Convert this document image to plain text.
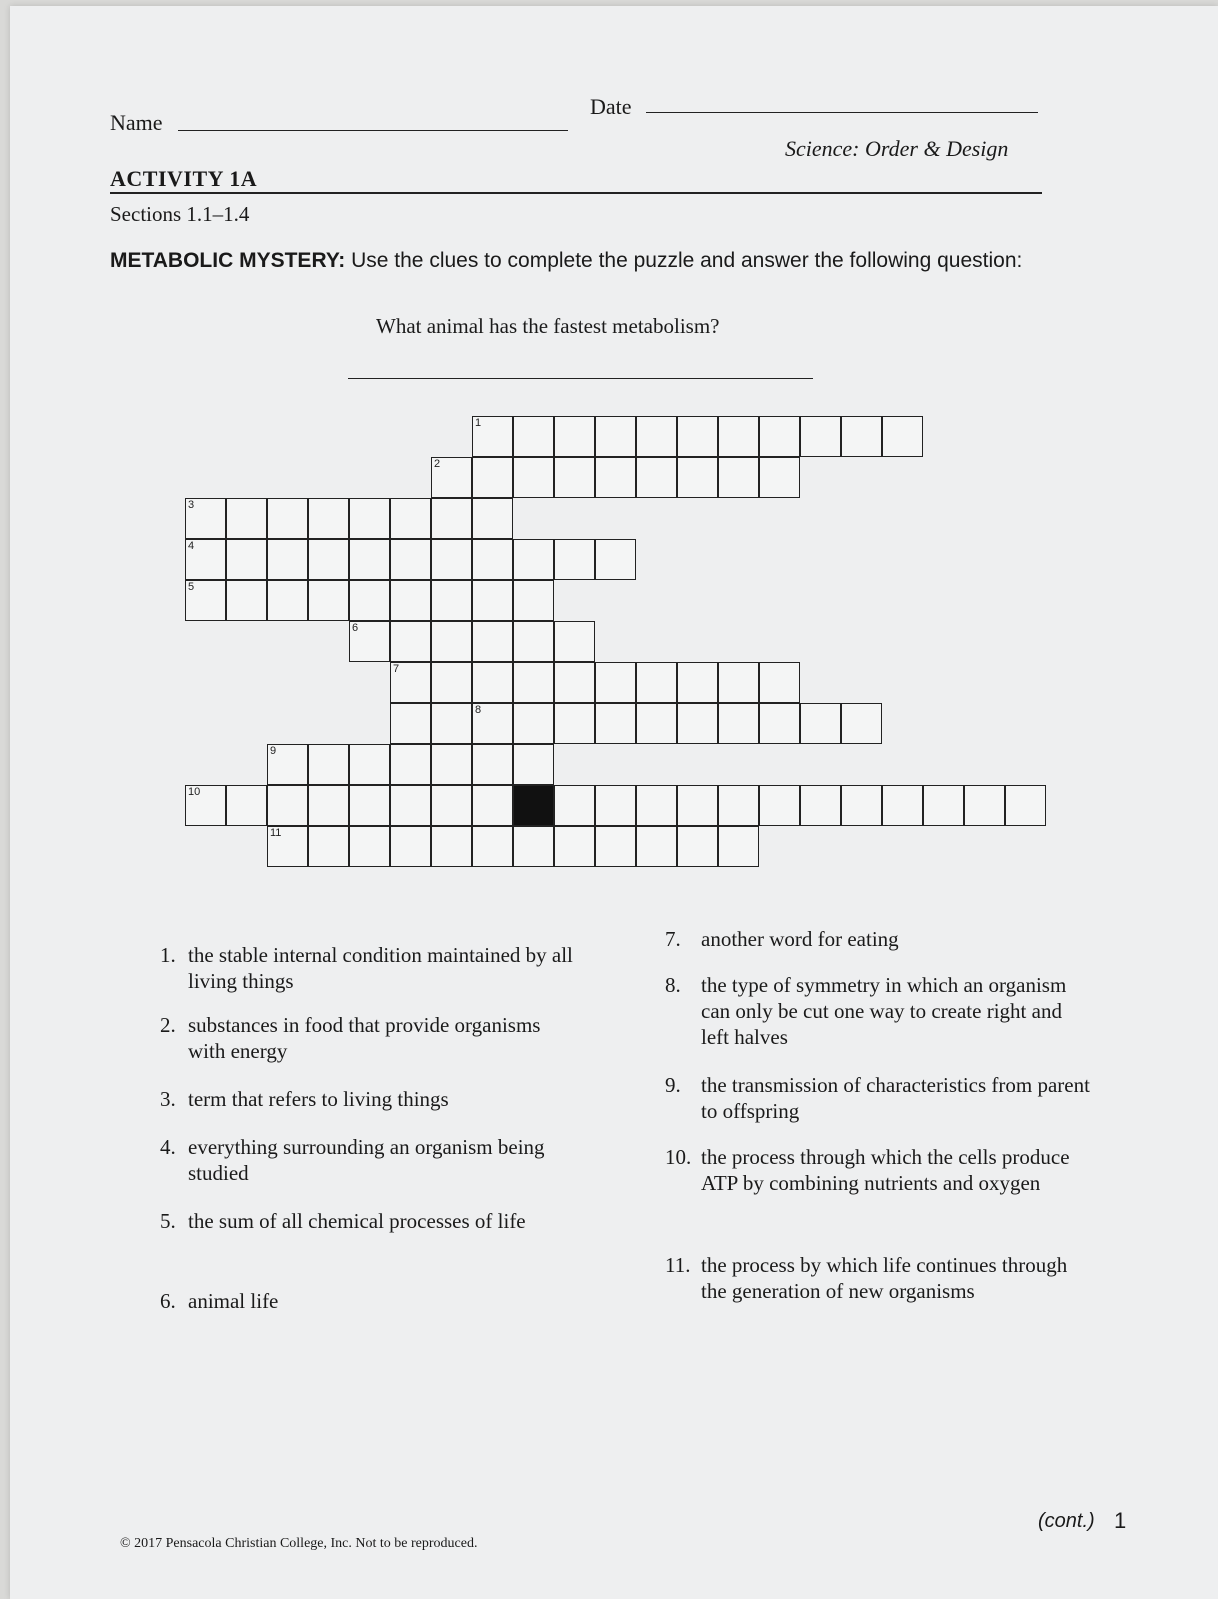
Name
Date
Science: Order & Design
ACTIVITY 1A
Sections 1.1–1.4
METABOLIC MYSTERY: Use the clues to complete the puzzle and answer the following question:
What animal has the fastest metabolism?
1
2
3
4
5
6
7
8
9
10
11
© 2017 Pensacola Christian College, Inc. Not to be reproduced.
(cont.) 1
1. the stable internal condition maintained by all living things
2. substances in food that provide organisms with energy
3. term that refers to living things
4. everything surrounding an organism being studied
5. the sum of all chemical processes of life
6. animal life
7. another word for eating
8. the type of symmetry in which an organism can only be cut one way to create right and left halves
9. the transmission of characteristics from parent to offspring
10. the process through which the cells produce ATP by combining nutrients and oxygen
11. the process by which life continues through the generation of new organisms
